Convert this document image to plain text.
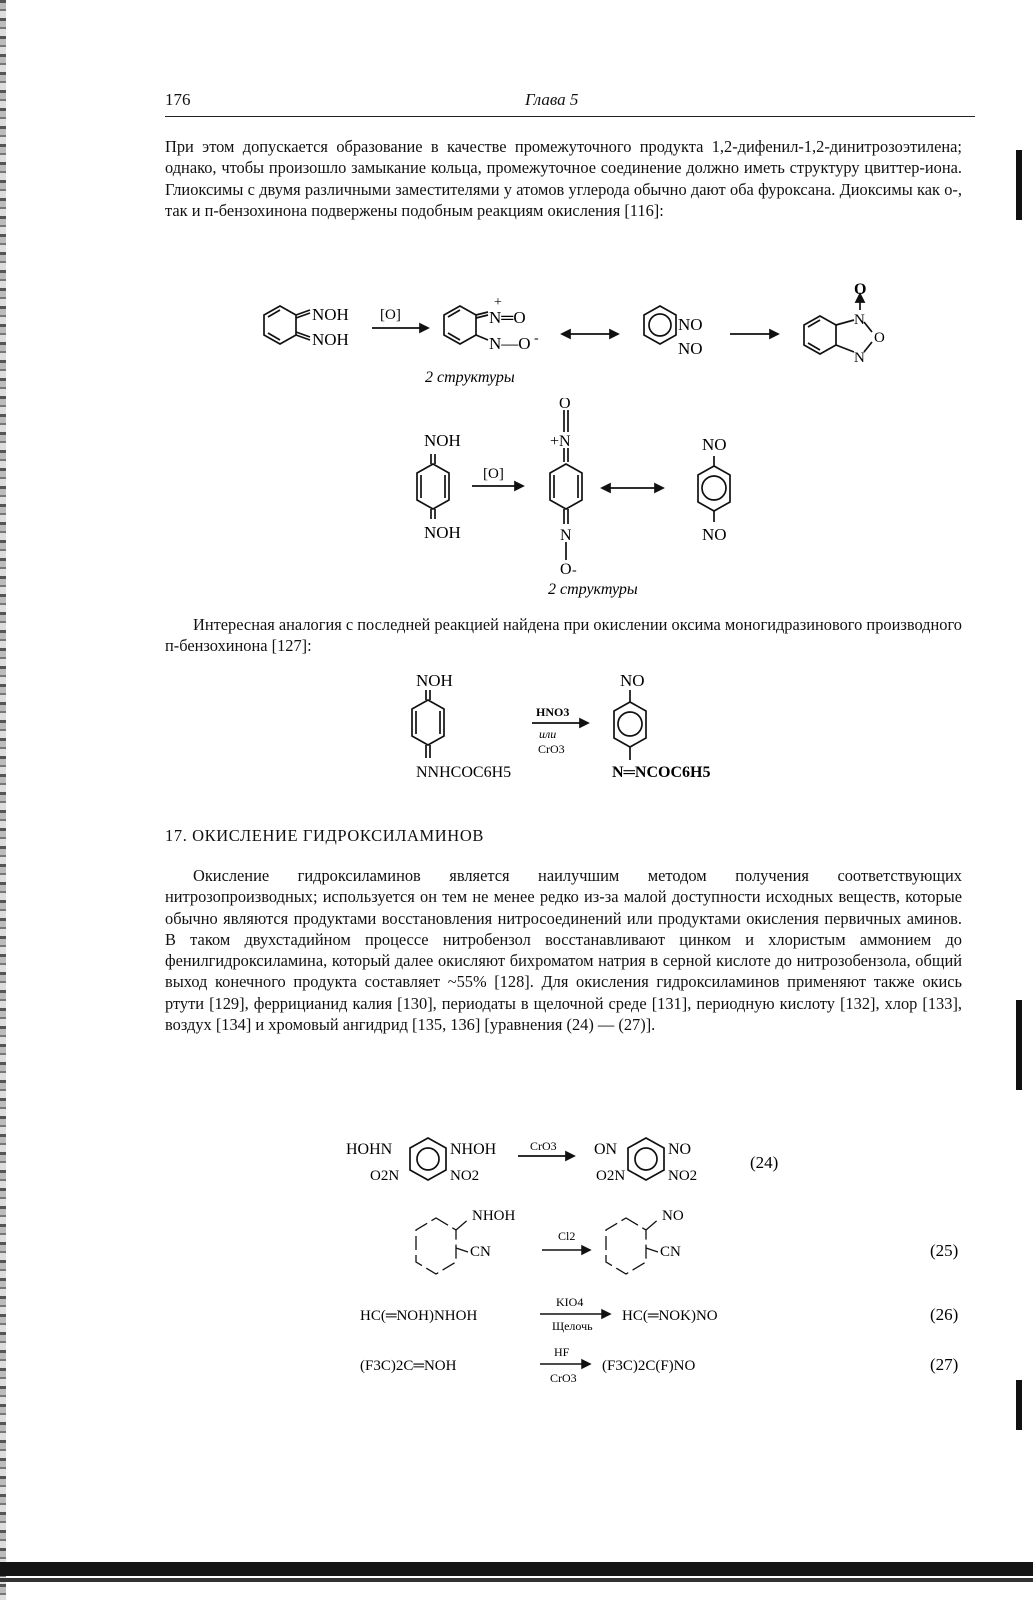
176	Глава 5

При этом допускается образование в качестве промежуточного продукта 1,2-дифенил-1,2-динитрозоэтилена; однако, чтобы произошло замыкание кольца, промежуточное соединение должно иметь структуру цвиттер-иона. Глиоксимы с двумя различными заместителями у атомов углерода обычно дают оба фуроксана. Диоксимы как о-, так и п-бензохинона подвержены подобным реакциям окисления [116]:

NOH
NOH
[O]
+
N═O
N—O -
NO
NO
O
N
O
N
2 структуры
NOH
NOH
[O]
O
+N
N
O -
NO
NO
2 структуры

Интересная аналогия с последней реакцией найдена при окислении оксима моногидразинового производного п-бензохинона [127]:

NOH
NNHCOC6H5
HNO3
или
CrO3
NO
N═NCOC6H5
17. ОКИСЛЕНИЕ ГИДРОКСИЛАМИНОВ

Окисление гидроксиламинов является наилучшим методом получения соответствующих нитрозопроизводных; используется он тем не менее редко из-за малой доступности исходных веществ, которые обычно являются продуктами восстановления нитросоединений или продуктами окисления первичных аминов. В таком двухстадийном процессе нитробензол восстанавливают цинком и хлористым аммонием до фенилгидроксиламина, который далее окисляют бихроматом натрия в серной кислоте до нитрозобензола, общий выход конечного продукта составляет ~55% [128]. Для окисления гидроксиламинов применяют также окись ртути [129], феррицианид калия [130], периодаты в щелочной среде [131], периодную кислоту [132], хлор [133], воздух [134] и хромовый ангидрид [135, 136] [уравнения (24) — (27)].

HOHN	NHOH
O2N	NO2
CrO3 ON	NO
O2N	NO2
(24)
NHOH
CN
Cl2
NO
CN	(25)
HC(═NOH)NHOH
KIO4
Щелочь
HC(═NOK)NO	(26)
(F3C)2C═NOH
HF
CrO3
(F3C)2C(F)NO	(27)
